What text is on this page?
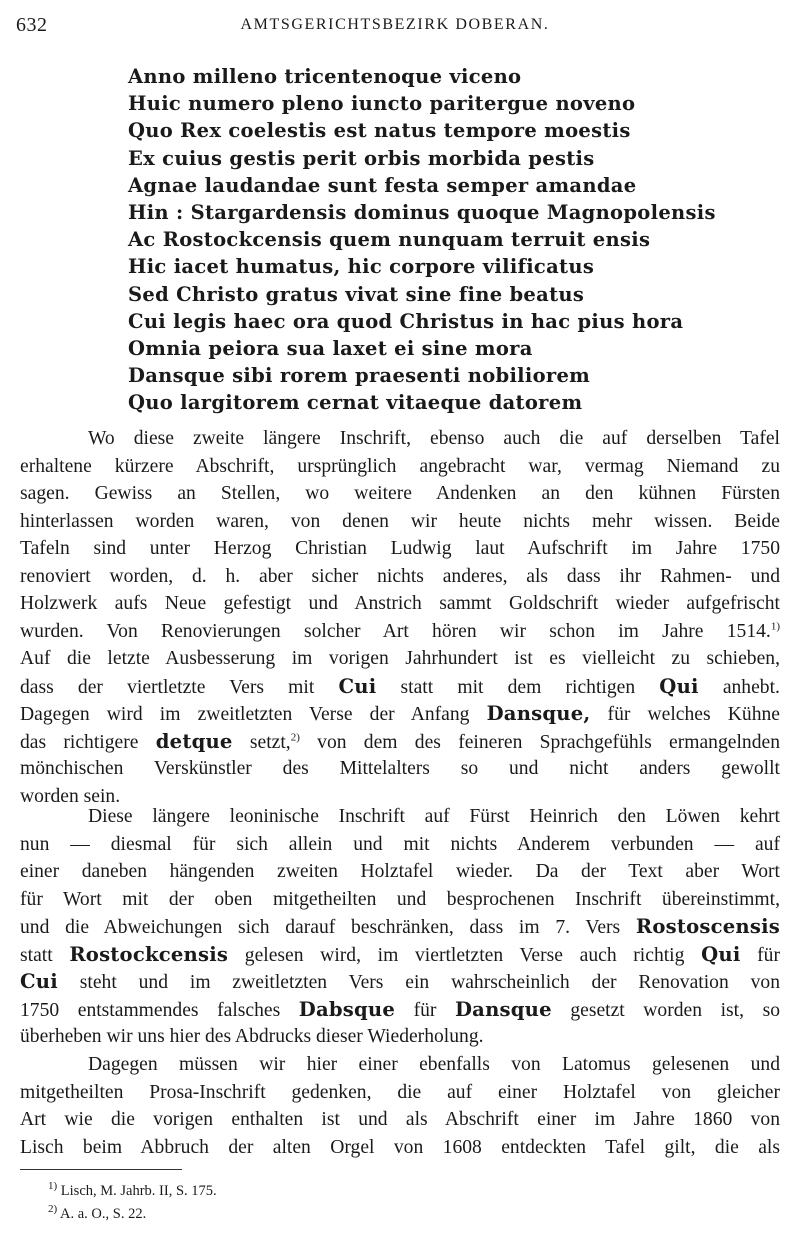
632	AMTSGERICHTSBEZIRK DOBERAN.
Anno milleno tricentenoque viceno
Huic numero pleno iuncto paritergue noveno
Quo Rex coelestis est natus tempore moestis
Ex cuius gestis perit orbis morbida pestis
Agnae laudandae sunt festa semper amandae
Hin : Stargardensis dominus quoque Magnopolensis
Ac Rostockcensis quem nunquam terruit ensis
Hic iacet humatus, hic corpore vilificatus
Sed Christo gratus vivat sine fine beatus
Cui legis haec ora quod Christus in hac pius hora
Omnia peiora sua laxet ei sine mora
Dansque sibi rorem praesenti nobiliorem
Quo largitorem cernat vitaeque datorem
Wo diese zweite längere Inschrift, ebenso auch die auf derselben Tafel
erhaltene kürzere Abschrift, ursprünglich angebracht war, vermag Niemand zu
sagen. Gewiss an Stellen, wo weitere Andenken an den kühnen Fürsten
hinterlassen worden waren, von denen wir heute nichts mehr wissen. Beide
Tafeln sind unter Herzog Christian Ludwig laut Aufschrift im Jahre 1750
renoviert worden, d. h. aber sicher nichts anderes, als dass ihr Rahmen- und
Holzwerk aufs Neue gefestigt und Anstrich sammt Goldschrift wieder aufgefrischt
wurden. Von Renovierungen solcher Art hören wir schon im Jahre 1514.$^{1)}$
Auf die letzte Ausbesserung im vorigen Jahrhundert ist es vielleicht zu schieben,
dass der viertletzte Vers mit Cui statt mit dem richtigen Qui anhebt.
Dagegen wird im zweitletzten Verse der Anfang Dansque, für welches Kühne
das richtigere detque setzt,$^{2)}$ von dem des feineren Sprachgefühls ermangelnden
mönchischen Verskünstler des Mittelalters so und nicht anders gewollt
worden sein.
Diese längere leoninische Inschrift auf Fürst Heinrich den Löwen kehrt
nun — diesmal für sich allein und mit nichts Anderem verbunden — auf
einer daneben hängenden zweiten Holztafel wieder. Da der Text aber Wort
für Wort mit der oben mitgetheilten und besprochenen Inschrift übereinstimmt,
und die Abweichungen sich darauf beschränken, dass im 7. Vers Rostoscensis
statt Rostockcensis gelesen wird, im viertletzten Verse auch richtig Qui für
Cui steht und im zweitletzten Vers ein wahrscheinlich der Renovation von
1750 entstammendes falsches Dabsque für Dansque gesetzt worden ist, so
überheben wir uns hier des Abdrucks dieser Wiederholung.
Dagegen müssen wir hier einer ebenfalls von Latomus gelesenen und
mitgetheilten Prosa-Inschrift gedenken, die auf einer Holztafel von gleicher
Art wie die vorigen enthalten ist und als Abschrift einer im Jahre 1860 von
Lisch beim Abbruch der alten Orgel von 1608 entdeckten Tafel gilt, die als
$^{1)}$ Lisch, M. Jahrb. II, S. 175.
$^{2)}$ A. a. O., S. 22.
